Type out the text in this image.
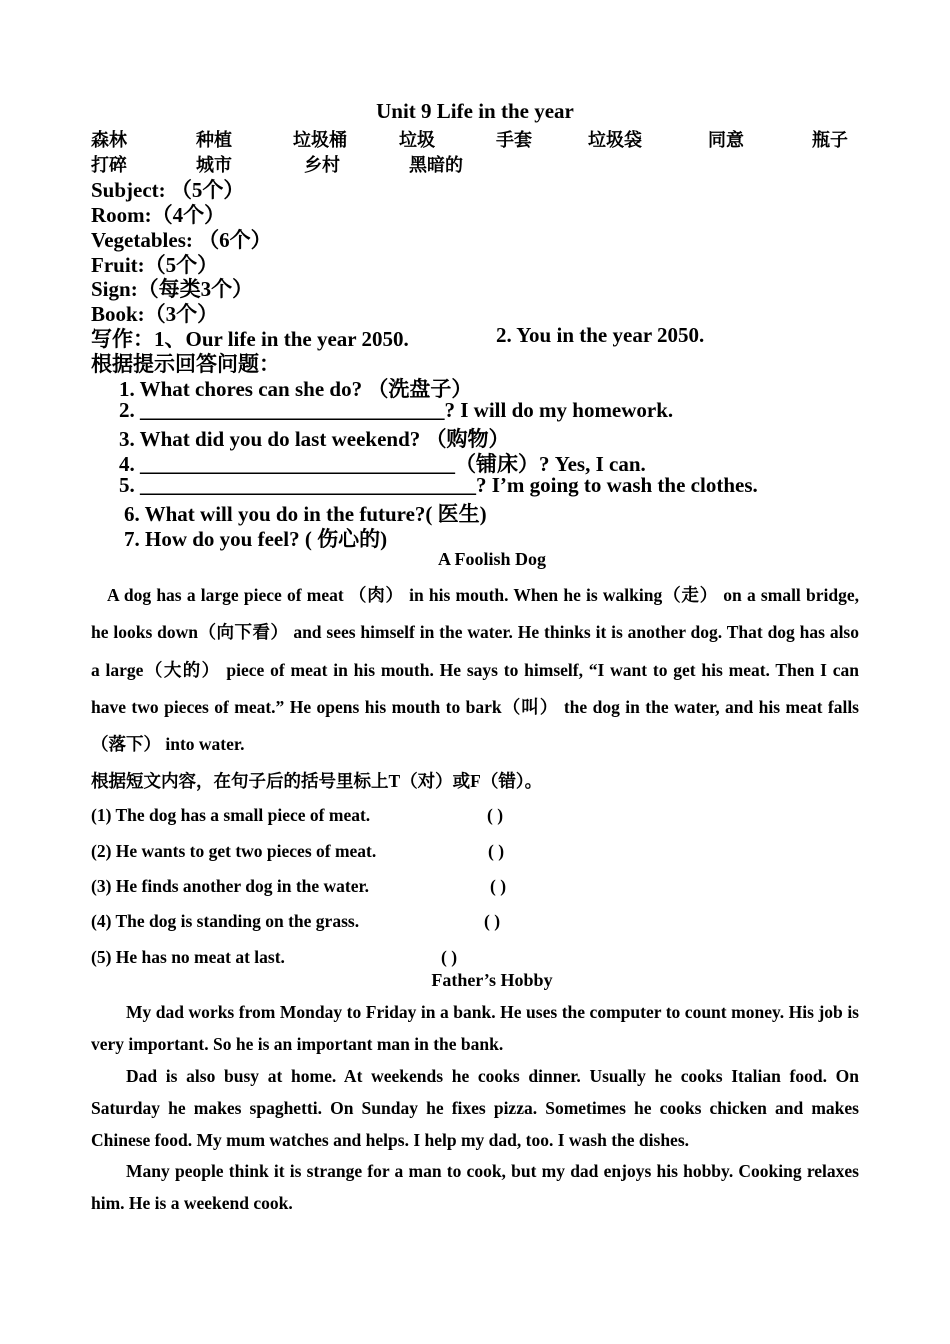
Unit 9 Life in the year
森林	种植	垃圾桶	垃圾	手套	垃圾袋	同意	瓶子
打碎	城市	乡村	黑暗的
Subject: （5个）
Room:（4个）
Vegetables: （6个）
Fruit:（5个）
Sign:（每类3个）
Book:（3个）
写作：1、Our life in the year 2050.	2. You in the year 2050.
根据提示回答问题：
1. What chores can she do? （洗盘子）
2. _____________________________? I will do my homework.
3. What did you do last weekend? （购物）
4. ______________________________（铺床）? Yes, I can.
5. ________________________________? I’m going to wash the clothes.
6. What will you do in the future?( 医生)
7. How do you feel? ( 伤心的)
A Foolish Dog
A dog has a large piece of meat （肉） in his mouth. When he is walking（走） on a small bridge, he looks down（向下看） and sees himself in the water. He thinks it is another dog. That dog has also a large（大的） piece of meat in his mouth. He says to himself, “I want to get his meat. Then I can have two pieces of meat.” He opens his mouth to bark（叫） the dog in the water, and his meat falls（落下） into water.
根据短文内容，在句子后的括号里标上T（对）或F（错）。
(1) The dog has a small piece of meat.	( )
(2) He wants to get two pieces of meat.	( )
(3) He finds another dog in the water.	( )
(4) The dog is standing on the grass.	( )
(5) He has no meat at last.	( )
Father’s Hobby
My dad works from Monday to Friday in a bank. He uses the computer to count money. His job is very important. So he is an important man in the bank.
Dad is also busy at home. At weekends he cooks dinner. Usually he cooks Italian food. On Saturday he makes spaghetti. On Sunday he fixes pizza. Sometimes he cooks chicken and makes Chinese food. My mum watches and helps. I help my dad, too. I wash the dishes.
Many people think it is strange for a man to cook, but my dad enjoys his hobby. Cooking relaxes him. He is a weekend cook.
